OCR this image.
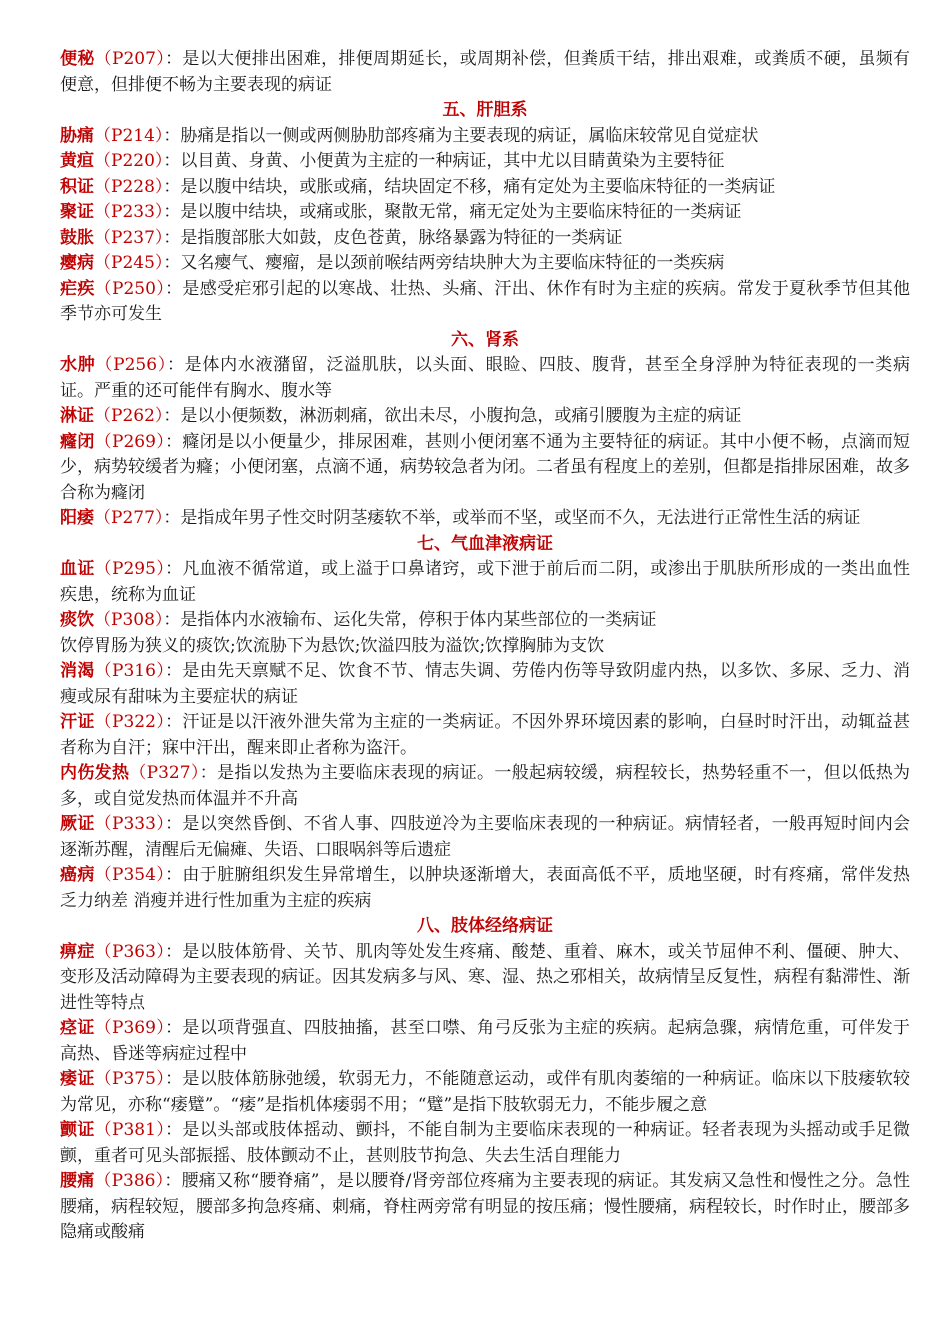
便秘（P207）：是以大便排出困难，排便周期延长，或周期补偿，但粪质干结，排出艰难，或粪质不硬，虽频有便意，但排便不畅为主要表现的病证

五、肝胆系

胁痛（P214）：胁痛是指以一侧或两侧胁肋部疼痛为主要表现的病证，属临床较常见自觉症状

黄疸（P220）：以目黄、身黄、小便黄为主症的一种病证，其中尤以目睛黄染为主要特征

积证（P228）：是以腹中结块，或胀或痛，结块固定不移，痛有定处为主要临床特征的一类病证

聚证（P233）：是以腹中结块，或痛或胀，聚散无常，痛无定处为主要临床特征的一类病证

鼓胀（P237）：是指腹部胀大如鼓，皮色苍黄，脉络暴露为特征的一类病证

瘿病（P245）：又名瘿气、瘿瘤，是以颈前喉结两旁结块肿大为主要临床特征的一类疾病

疟疾（P250）：是感受疟邪引起的以寒战、壮热、头痛、汗出、休作有时为主症的疾病。常发于夏秋季节但其他季节亦可发生

六、肾系

水肿（P256）：是体内水液潴留，泛溢肌肤，以头面、眼睑、四肢、腹背，甚至全身浮肿为特征表现的一类病证。严重的还可能伴有胸水、腹水等

淋证（P262）：是以小便频数，淋沥刺痛，欲出未尽，小腹拘急，或痛引腰腹为主症的病证

癃闭（P269）：癃闭是以小便量少，排尿困难，甚则小便闭塞不通为主要特征的病证。其中小便不畅，点滴而短少，病势较缓者为癃；小便闭塞，点滴不通，病势较急者为闭。二者虽有程度上的差别，但都是指排尿困难，故多合称为癃闭

阳痿（P277）：是指成年男子性交时阴茎痿软不举，或举而不坚，或坚而不久，无法进行正常性生活的病证

七、气血津液病证

血证（P295）：凡血液不循常道，或上溢于口鼻诸窍，或下泄于前后而二阴，或渗出于肌肤所形成的一类出血性疾患，统称为血证

痰饮（P308）：是指体内水液输布、运化失常，停积于体内某些部位的一类病证

饮停胃肠为狭义的痰饮;饮流胁下为悬饮;饮溢四肢为溢饮;饮撑胸肺为支饮

消渴（P316）：是由先天禀赋不足、饮食不节、情志失调、劳倦内伤等导致阴虚内热，以多饮、多尿、乏力、消瘦或尿有甜味为主要症状的病证

汗证（P322）：汗证是以汗液外泄失常为主症的一类病证。不因外界环境因素的影响，白昼时时汗出，动辄益甚者称为自汗；寐中汗出，醒来即止者称为盗汗。

内伤发热（P327）：是指以发热为主要临床表现的病证。一般起病较缓，病程较长，热势轻重不一，但以低热为多，或自觉发热而体温并不升高

厥证（P333）：是以突然昏倒、不省人事、四肢逆冷为主要临床表现的一种病证。病情轻者，一般再短时间内会逐渐苏醒，清醒后无偏瘫、失语、口眼㖞斜等后遗症

癌病（P354）：由于脏腑组织发生异常增生，以肿块逐渐增大，表面高低不平，质地坚硬，时有疼痛，常伴发热乏力纳差 消瘦并进行性加重为主症的疾病

八、肢体经络病证

痹症（P363）：是以肢体筋骨、关节、肌肉等处发生疼痛、酸楚、重着、麻木，或关节屈伸不利、僵硬、肿大、变形及活动障碍为主要表现的病证。因其发病多与风、寒、湿、热之邪相关，故病情呈反复性，病程有黏滞性、渐进性等特点

痉证（P369）：是以项背强直、四肢抽搐，甚至口噤、角弓反张为主症的疾病。起病急骤，病情危重，可伴发于高热、昏迷等病症过程中

痿证（P375）：是以肢体筋脉弛缓，软弱无力，不能随意运动，或伴有肌肉萎缩的一种病证。临床以下肢痿软较为常见，亦称“痿躄”。“痿”是指机体痿弱不用；“躄”是指下肢软弱无力，不能步履之意

颤证（P381）：是以头部或肢体摇动、颤抖，不能自制为主要临床表现的一种病证。轻者表现为头摇动或手足微颤，重者可见头部振摇、肢体颤动不止，甚则肢节拘急、失去生活自理能力

腰痛（P386）：腰痛又称“腰脊痛”，是以腰脊/肾旁部位疼痛为主要表现的病证。其发病又急性和慢性之分。急性腰痛，病程较短，腰部多拘急疼痛、刺痛，脊柱两旁常有明显的按压痛；慢性腰痛，病程较长，时作时止，腰部多隐痛或酸痛
